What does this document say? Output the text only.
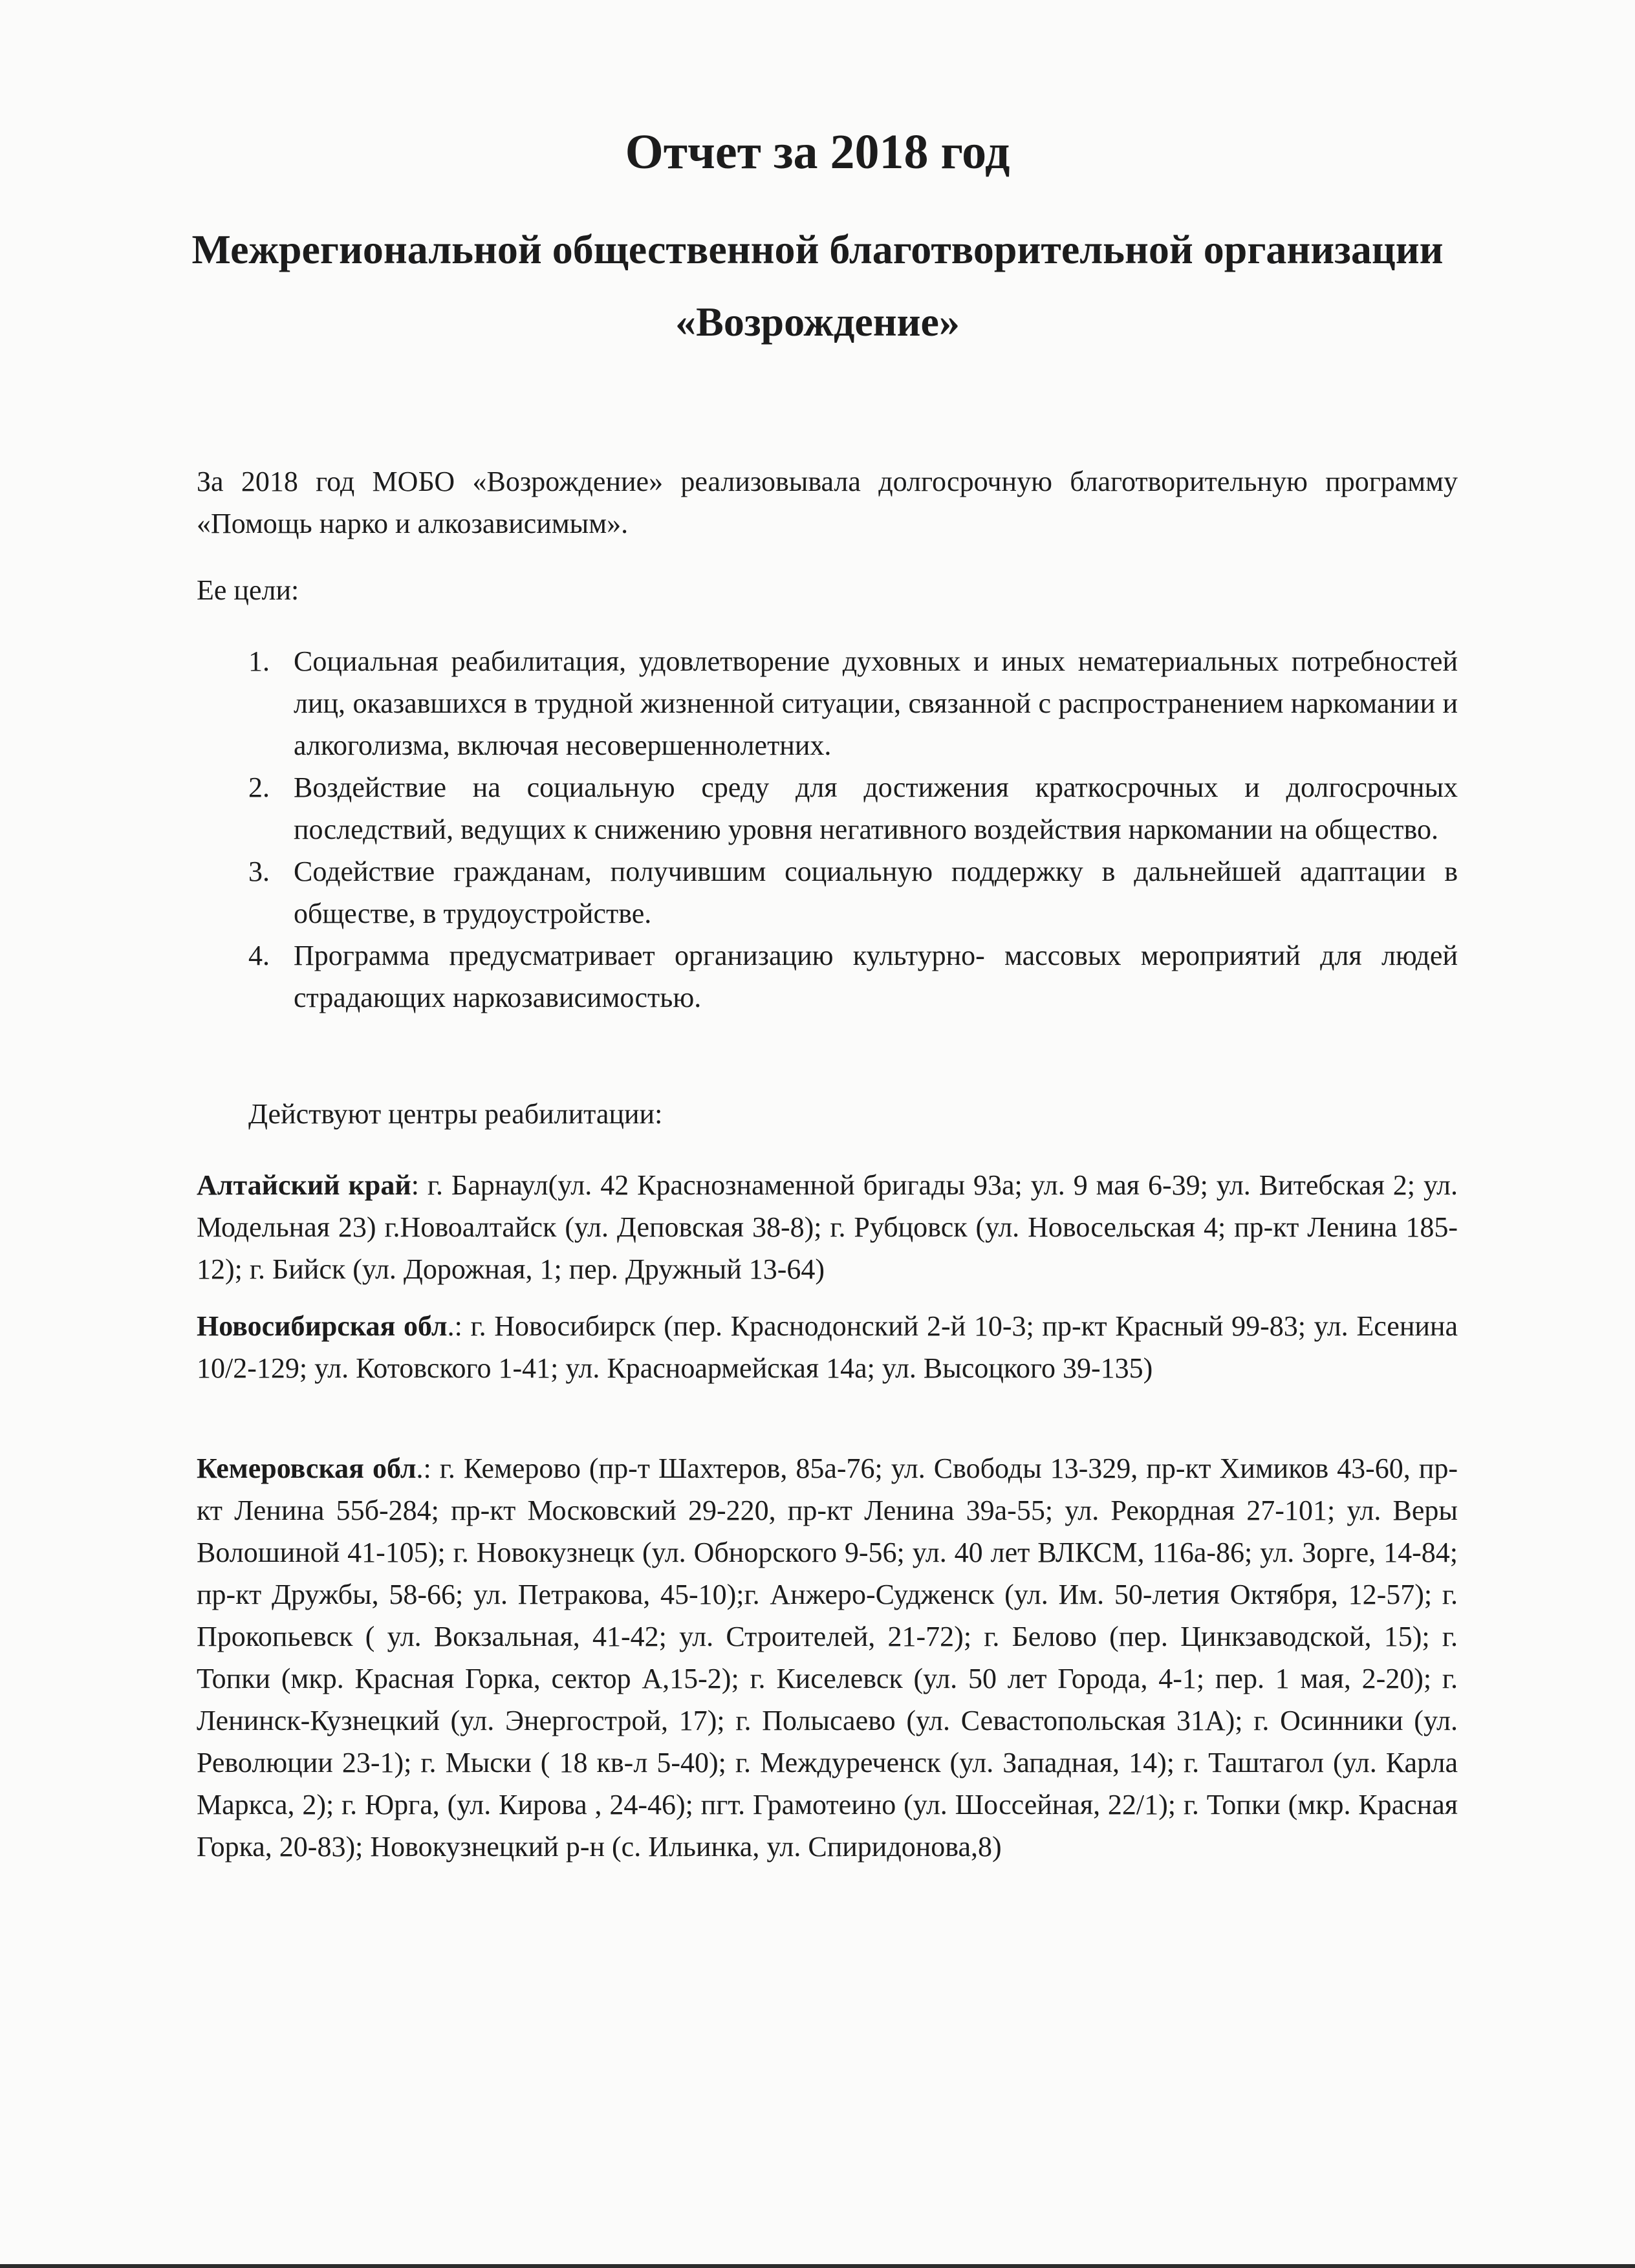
Отчет за 2018 год
Межрегиональной общественной благотворительной организации «Возрождение»

За 2018 год МОБО «Возрождение» реализовывала долгосрочную благотворительную программу «Помощь нарко и алкозависимым».

Ее цели:

1. Социальная реабилитация, удовлетворение духовных и иных нематериальных потребностей лиц, оказавшихся в трудной жизненной ситуации, связанной с распространением наркомании и алкоголизма, включая несовершеннолетних.
2. Воздействие на социальную среду для достижения краткосрочных и долгосрочных последствий, ведущих к снижению уровня негативного воздействия наркомании на общество.
3. Содействие гражданам, получившим социальную поддержку в дальнейшей адаптации в обществе, в трудоустройстве.
4. Программа предусматривает организацию культурно- массовых мероприятий для людей страдающих наркозависимостью.

Действуют центры реабилитации:

Алтайский край: г. Барнаул(ул. 42 Краснознаменной бригады 93а; ул. 9 мая 6-39; ул. Витебская 2; ул. Модельная 23) г.Новоалтайск (ул. Деповская 38-8); г. Рубцовск (ул. Новосельская 4; пр-кт Ленина 185-12); г. Бийск (ул. Дорожная, 1; пер. Дружный 13-64)

Новосибирская обл.: г. Новосибирск (пер. Краснодонский 2-й 10-3; пр-кт Красный 99-83; ул. Есенина 10/2-129; ул. Котовского 1-41; ул. Красноармейская 14а; ул. Высоцкого 39-135)

Кемеровская обл.: г. Кемерово (пр-т Шахтеров, 85а-76; ул. Свободы 13-329, пр-кт Химиков 43-60, пр-кт Ленина 55б-284; пр-кт Московский 29-220, пр-кт Ленина 39а-55; ул. Рекордная 27-101; ул. Веры Волошиной 41-105); г. Новокузнецк (ул. Обнорского 9-56; ул. 40 лет ВЛКСМ, 116а-86; ул. Зорге, 14-84; пр-кт Дружбы, 58-66; ул. Петракова, 45-10);г. Анжеро-Судженск (ул. Им. 50-летия Октября, 12-57); г. Прокопьевск ( ул. Вокзальная, 41-42; ул. Строителей, 21-72); г. Белово (пер. Цинкзаводской, 15); г. Топки (мкр. Красная Горка, сектор А,15-2); г. Киселевск (ул. 50 лет Города, 4-1; пер. 1 мая, 2-20); г. Ленинск-Кузнецкий (ул. Энергострой, 17); г. Полысаево (ул. Севастопольская 31А); г. Осинники (ул. Революции 23-1); г. Мыски ( 18 кв-л 5-40); г. Междуреченск (ул. Западная, 14); г. Таштагол (ул. Карла Маркса, 2); г. Юрга, (ул. Кирова , 24-46); пгт. Грамотеино (ул. Шоссейная, 22/1); г. Топки (мкр. Красная Горка, 20-83); Новокузнецкий р-н (с. Ильинка, ул. Спиридонова,8)
